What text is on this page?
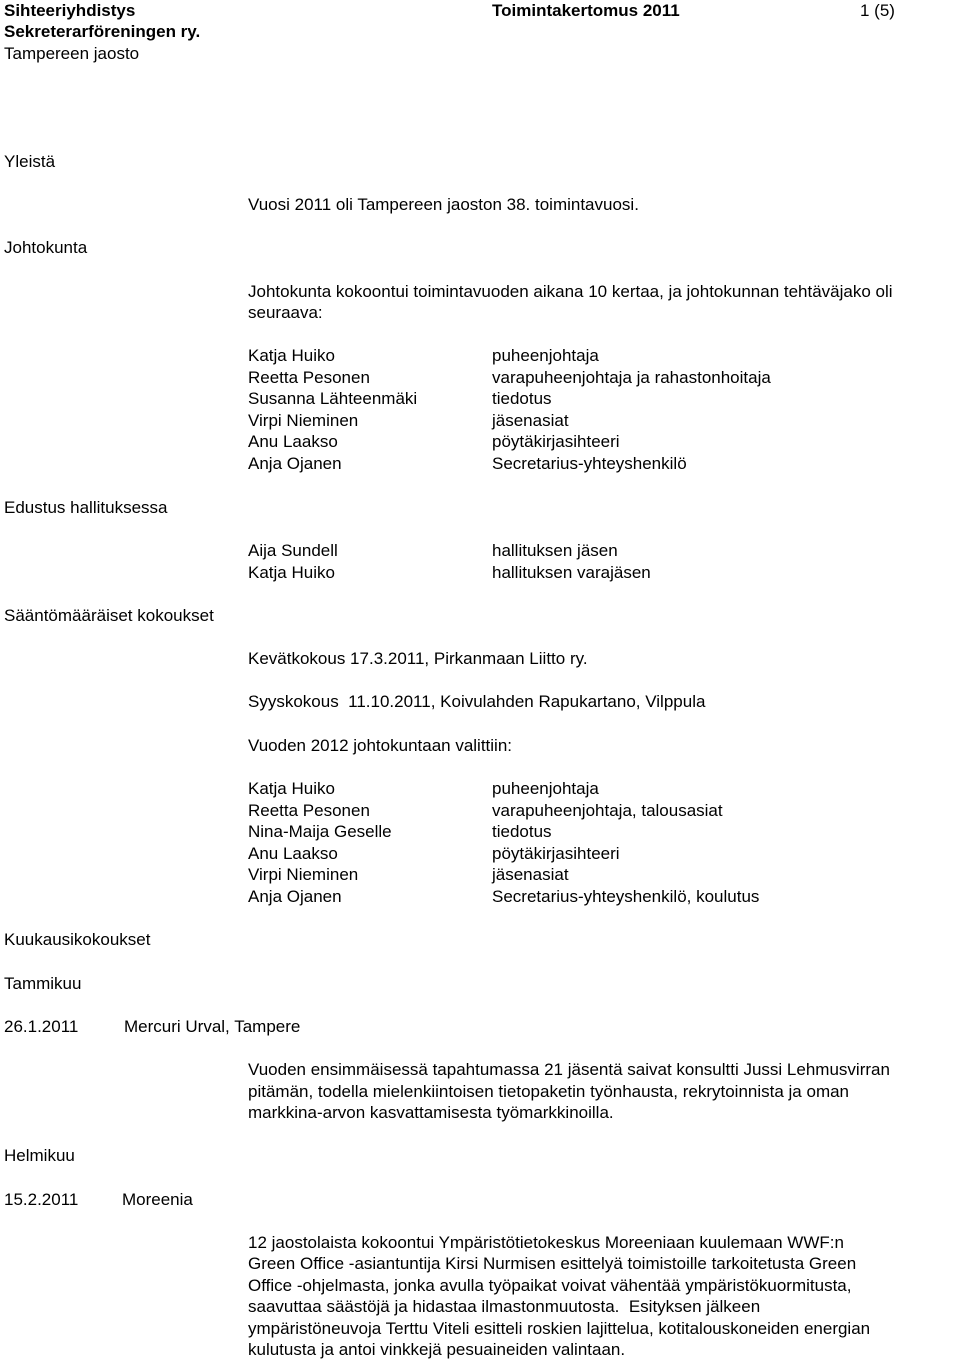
Sihteeriyhdistys
Sekreterarföreningen ry.
Tampereen jaosto
Toimintakertomus 2011	1 (5)
Yleistä
Vuosi 2011 oli Tampereen jaoston 38. toimintavuosi.
Johtokunta
Johtokunta kokoontui toimintavuoden aikana 10 kertaa, ja johtokunnan tehtäväjako oli
seuraava:
Katja Huiko	puheenjohtaja
Reetta Pesonen	varapuheenjohtaja ja rahastonhoitaja
Susanna Lähteenmäki	tiedotus
Virpi Nieminen	jäsenasiat
Anu Laakso	pöytäkirjasihteeri
Anja Ojanen	Secretarius-yhteyshenkilö
Edustus hallituksessa
Aija Sundell	hallituksen jäsen
Katja Huiko	hallituksen varajäsen
Sääntömääräiset kokoukset
Kevätkokous 17.3.2011, Pirkanmaan Liitto ry.
Syyskokous  11.10.2011, Koivulahden Rapukartano, Vilppula
Vuoden 2012 johtokuntaan valittiin:
Katja Huiko	puheenjohtaja
Reetta Pesonen	varapuheenjohtaja, talousasiat
Nina-Maija Geselle	tiedotus
Anu Laakso	pöytäkirjasihteeri
Virpi Nieminen	jäsenasiat
Anja Ojanen	Secretarius-yhteyshenkilö, koulutus
Kuukausikokoukset
Tammikuu
26.1.2011	Mercuri Urval, Tampere
Vuoden ensimmäisessä tapahtumassa 21 jäsentä saivat konsultti Jussi Lehmusvirran
pitämän, todella mielenkiintoisen tietopaketin työnhausta, rekrytoinnista ja oman
markkina-arvon kasvattamisesta työmarkkinoilla.
Helmikuu
15.2.2011	Moreenia
12 jaostolaista kokoontui Ympäristötietokeskus Moreeniaan kuulemaan WWF:n
Green Office -asiantuntija Kirsi Nurmisen esittelyä toimistoille tarkoitetusta Green
Office -ohjelmasta, jonka avulla työpaikat voivat vähentää ympäristökuormitusta,
saavuttaa säästöjä ja hidastaa ilmastonmuutosta.  Esityksen jälkeen
ympäristöneuvoja Terttu Viteli esitteli roskien lajittelua, kotitalouskoneiden energian
kulutusta ja antoi vinkkejä pesuaineiden valintaan.
